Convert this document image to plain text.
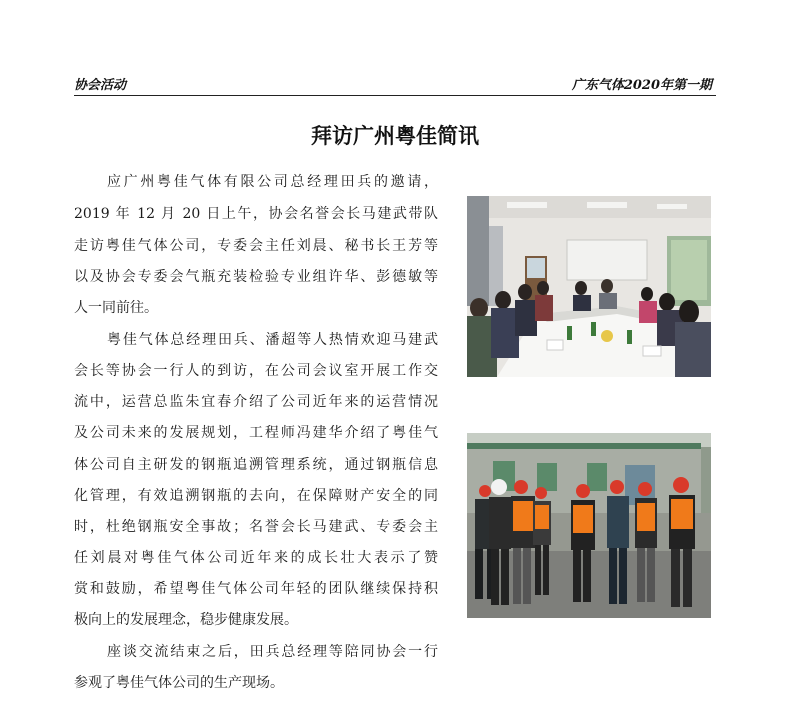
协会活动	广东气体2020年第一期
拜访广州粤佳简讯
应广州粤佳气体有限公司总经理田兵的邀请，
2019 年 12 月 20 日上午，协会名誉会长马建武带队
走访粤佳气体公司，专委会主任刘晨、秘书长王芳等
以及协会专委会气瓶充装检验专业组许华、彭德敏等
人一同前往。
粤佳气体总经理田兵、潘超等人热情欢迎马建武
会长等协会一行人的到访，在公司会议室开展工作交
流中，运营总监朱宜春介绍了公司近年来的运营情况
及公司未来的发展规划，工程师冯建华介绍了粤佳气
体公司自主研发的钢瓶追溯管理系统，通过钢瓶信息
化管理，有效追溯钢瓶的去向，在保障财产安全的同
时，杜绝钢瓶安全事故；名誉会长马建武、专委会主
任刘晨对粤佳气体公司近年来的成长壮大表示了赞
赏和鼓励，希望粤佳气体公司年轻的团队继续保持积
极向上的发展理念，稳步健康发展。
座谈交流结束之后，田兵总经理等陪同协会一行
参观了粤佳气体公司的生产现场。
